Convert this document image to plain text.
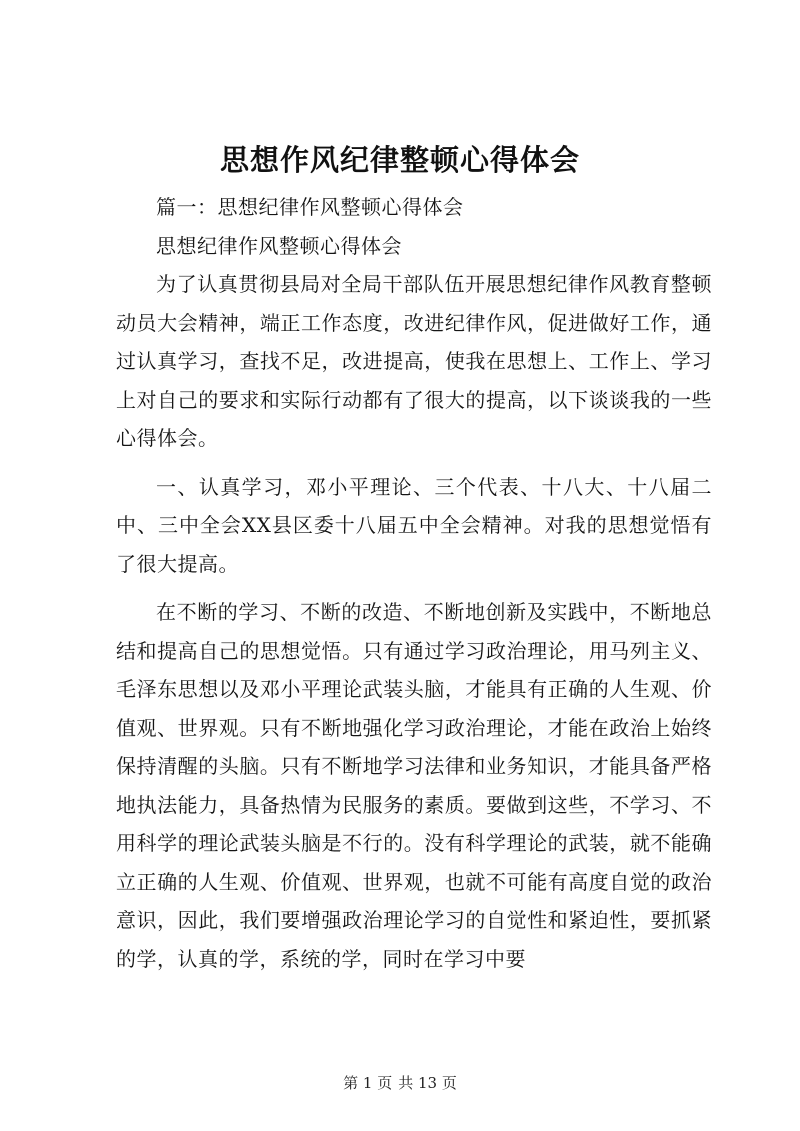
思想作风纪律整顿心得体会

篇一：思想纪律作风整顿心得体会

思想纪律作风整顿心得体会

为了认真贯彻县局对全局干部队伍开展思想纪律作风教育整顿动员大会精神，端正工作态度，改进纪律作风，促进做好工作，通过认真学习，查找不足，改进提高，使我在思想上、工作上、学习上对自己的要求和实际行动都有了很大的提高，以下谈谈我的一些心得体会。

一、认真学习，邓小平理论、三个代表、十八大、十八届二中、三中全会XX县区委十八届五中全会精神。对我的思想觉悟有了很大提高。

在不断的学习、不断的改造、不断地创新及实践中，不断地总结和提高自己的思想觉悟。只有通过学习政治理论，用马列主义、毛泽东思想以及邓小平理论武装头脑，才能具有正确的人生观、价值观、世界观。只有不断地强化学习政治理论，才能在政治上始终保持清醒的头脑。只有不断地学习法律和业务知识，才能具备严格地执法能力，具备热情为民服务的素质。要做到这些，不学习、不用科学的理论武装头脑是不行的。没有科学理论的武装，就不能确立正确的人生观、价值观、世界观，也就不可能有高度自觉的政治意识，因此，我们要增强政治理论学习的自觉性和紧迫性，要抓紧的学，认真的学，系统的学，同时在学习中要

第 1 页 共 13 页
